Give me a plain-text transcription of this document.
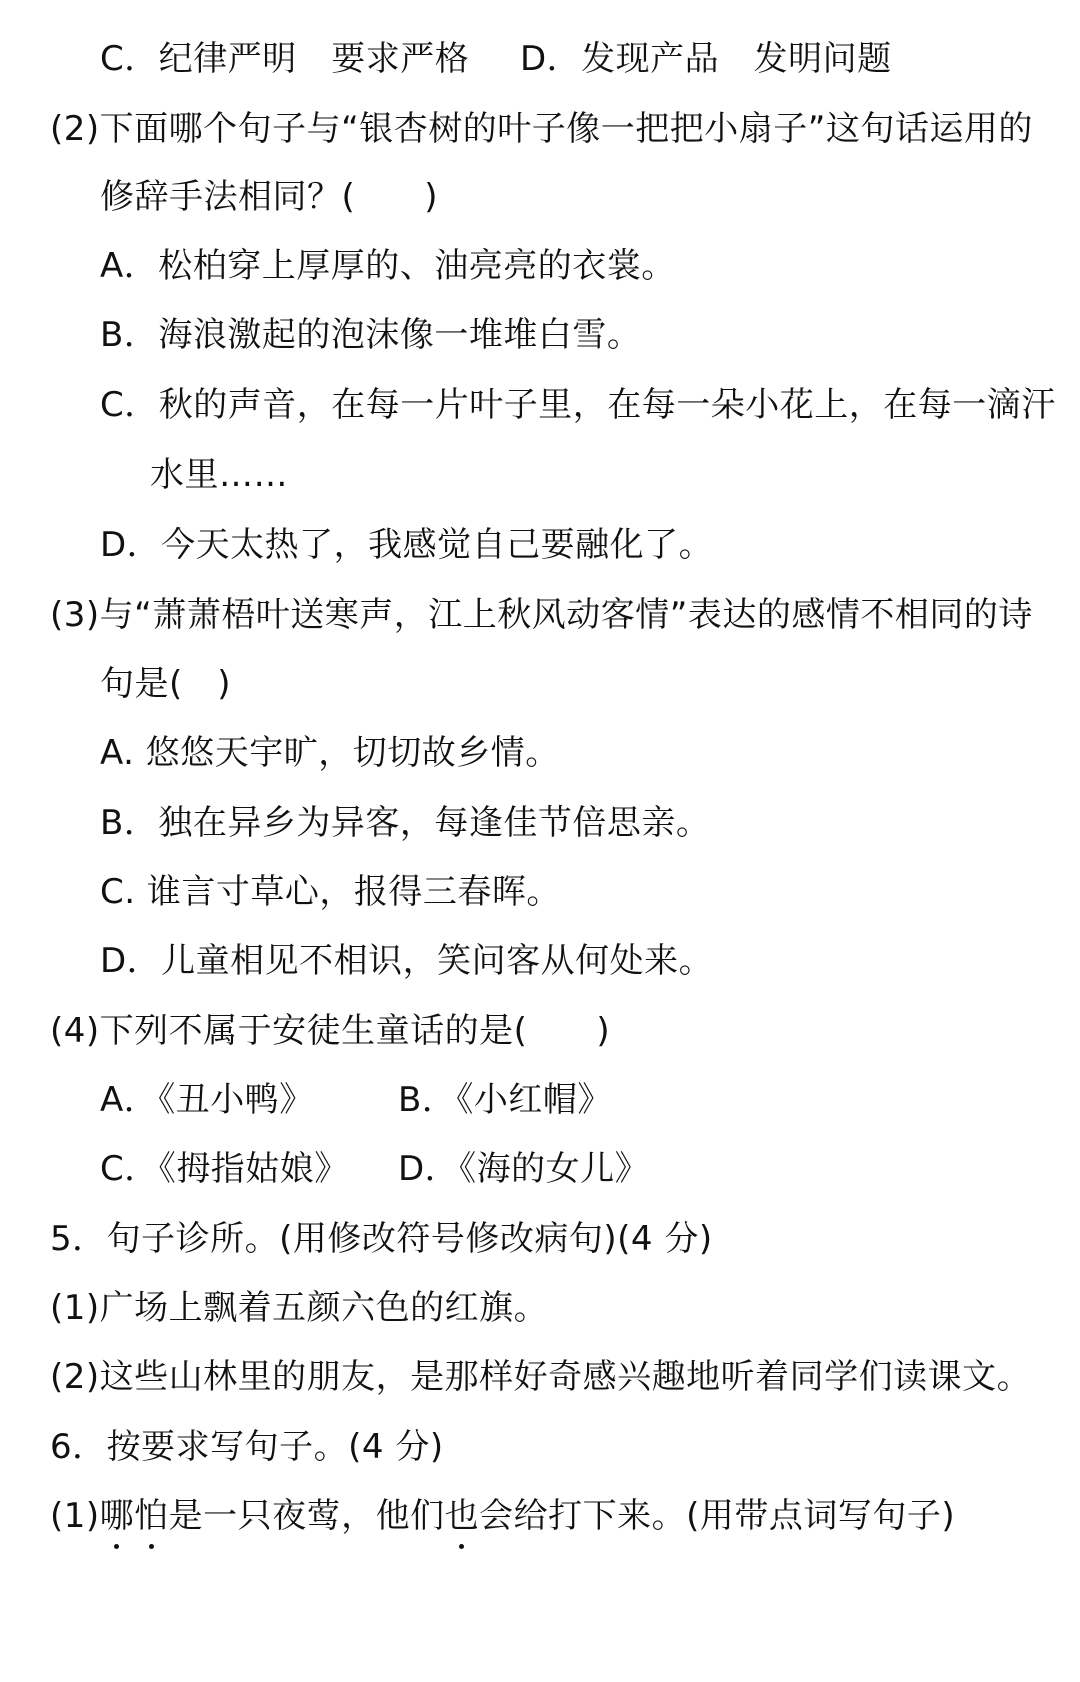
C．纪律严明　要求严格 D．发现产品　发明问题
(2)下面哪个句子与“银杏树的叶子像一把把小扇子”这句话运用的
修辞手法相同？(　　)
A．松柏穿上厚厚的、油亮亮的衣裳。
B．海浪激起的泡沫像一堆堆白雪。
C．秋的声音，在每一片叶子里，在每一朵小花上，在每一滴汗
水里……
D．今天太热了，我感觉自己要融化了。
(3)与“萧萧梧叶送寒声，江上秋风动客情”表达的感情不相同的诗
句是(　)
A. 悠悠天宇旷，切切故乡情。
B．独在异乡为异客，每逢佳节倍思亲。
C. 谁言寸草心，报得三春晖。
D．儿童相见不相识，笑问客从何处来。
(4)下列不属于安徒生童话的是(　　)
A．《丑小鸭》 B．《小红帽》
C．《拇指姑娘》 D．《海的女儿》
5．句子诊所。(用修改符号修改病句)(4 分)
(1)广场上飘着五颜六色的红旗。
(2)这些山林里的朋友，是那样好奇感兴趣地听着同学们读课文。
6．按要求写句子。(4 分)
(1)哪
怕
是一只夜莺，他们也
会给打下来。(用带点词写句子)
